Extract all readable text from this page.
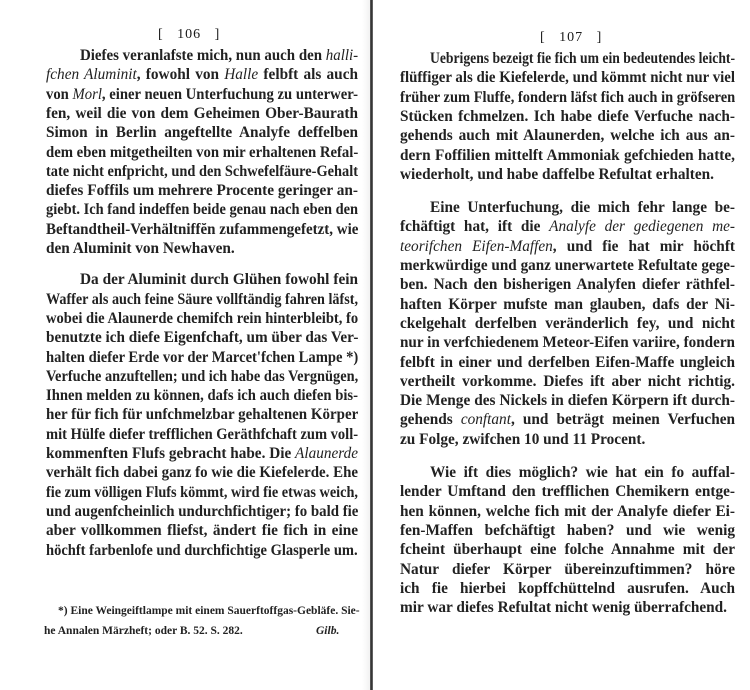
[   106   ]
Diefes veranlafste mich, nun auch den halli-
fchen Aluminit, fowohl von Halle felbft als auch
von Morl, einer neuen Unterfuchung zu unterwer-
fen, weil die von dem Geheimen Ober-Baurath
Simon in Berlin angeftellte Analyfe deffelben
dem eben mitgetheilten von mir erhaltenen Refal-
tate nicht enfpricht, und den Schwefelfäure-Gehalt
diefes Foffils um mehrere Procente geringer an-
giebt. Ich fand indeffen beide genau nach eben den
Beftandtheil-Verhältniffĕn zufammengefetzt, wie
den Aluminit von Newhaven.
Da der Aluminit durch Glühen fowohl fein
Waffer als auch feine Säure vollftändig fahren läfst,
wobei die Alaunerde chemifch rein hinterbleibt, fo
benutzte ich diefe Eigenfchaft, um über das Ver-
halten diefer Erde vor der Marcet'fchen Lampe *)
Verfuche anzuftellen; und ich habe das Vergnügen,
Ihnen melden zu können, dafs ich auch diefen bis-
her für fich für unfchmelzbar gehaltenen Körper
mit Hülfe diefer trefflichen Geräthfchaft zum voll-
kommenften Flufs gebracht habe. Die Alaunerde
verhält fich dabei ganz fo wie die Kiefelerde. Ehe
fie zum völligen Flufs kömmt, wird fie etwas weich,
und augenfcheinlich undurchfichtiger; fo bald fie
aber vollkommen fliefst, ändert fie fich in eine
höchft farbenlofe und durchfichtige Glasperle um.
*) Eine Weingeiftlampe mit einem Sauerftoffgas-Gebläfe. Sie-
he Annalen Märzheft; oder B. 52. S. 282.	Gilb.
[   107   ]
Uebrigens bezeigt fie fich um ein bedeutendes leicht-
flüffiger als die Kiefelerde, und kömmt nicht nur viel
früher zum Fluffe, fondern läfst fich auch in gröfseren
Stücken fchmelzen. Ich habe diefe Verfuche nach-
gehends auch mit Alaunerden, welche ich aus an-
dern Foffilien mittelft Ammoniak gefchieden hatte,
wiederholt, und habe daffelbe Refultat erhalten.
Eine Unterfuchung, die mich fehr lange be-
fchäftigt hat, ift die Analyfe der gediegenen me-
teorifchen Eifen-Maffen, und fie hat mir höchft
merkwürdige und ganz unerwartete Refultate gege-
ben. Nach den bisherigen Analyfen diefer räthfel-
haften Körper mufste man glauben, dafs der Ni-
ckelgehalt derfelben veränderlich fey, und nicht
nur in verfchiedenem Meteor-Eifen variire, fondern
felbft in einer und derfelben Eifen-Maffe ungleich
vertheilt vorkomme. Diefes ift aber nicht richtig.
Die Menge des Nickels in diefen Körpern ift durch-
gehends conftant, und beträgt meinen Verfuchen
zu Folge, zwifchen 10 und 11 Procent.
Wie ift dies möglich? wie hat ein fo auffal-
lender Umftand den trefflichen Chemikern entge-
hen können, welche fich mit der Analyfe diefer Ei-
fen-Maffen befchäftigt haben? und wie wenig
fcheint überhaupt eine folche Annahme mit der
Natur diefer Körper übereinzuftimmen? höre
ich fie hierbei kopffchüttelnd ausrufen. Auch
mir war diefes Refultat nicht wenig überrafchend.
